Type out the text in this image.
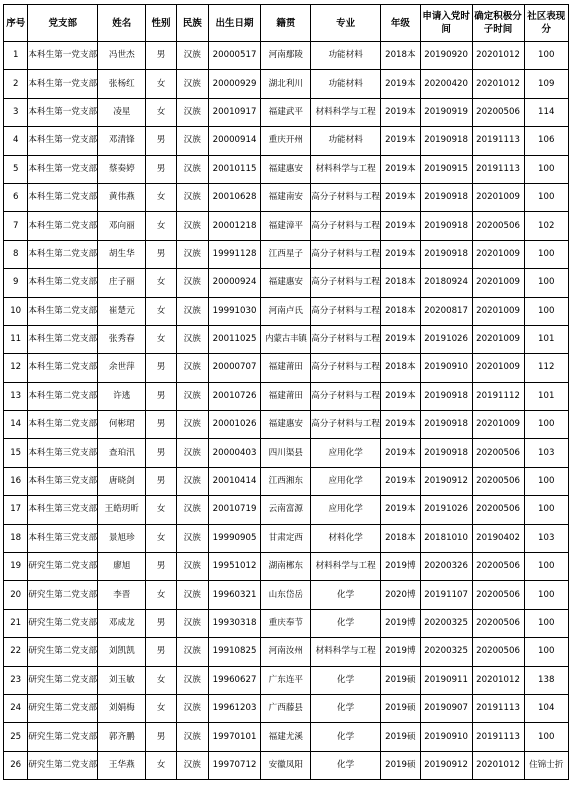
序号	党支部	姓名	性别	民族	出生日期	籍贯	专业	年级	申请入党时间	确定积极分子时间	社区表现分
1	本科生第一党支部	冯世杰	男	汉族	20000517	河南鄢陵	功能材料	2018本	20190920	20201012	100
2	本科生第一党支部	张杨红	女	汉族	20000929	湖北利川	功能材料	2019本	20200420	20201012	109
3	本科生第一党支部	凌星	女	汉族	20010917	福建武平	材料科学与工程	2019本	20190919	20200506	114
4	本科生第一党支部	邓清锋	男	汉族	20000914	重庆开州	功能材料	2019本	20190918	20191113	106
5	本科生第一党支部	蔡奏婷	男	汉族	20010115	福建惠安	材料科学与工程	2019本	20190915	20191113	100
6	本科生第二党支部	黄伟燕	女	汉族	20010628	福建南安	高分子材料与工程	2019本	20190918	20201009	100
7	本科生第二党支部	邓向丽	女	汉族	20001218	福建漳平	高分子材料与工程	2019本	20190918	20200506	102
8	本科生第二党支部	胡生华	男	汉族	19991128	江西星子	高分子材料与工程	2019本	20190918	20201009	100
9	本科生第二党支部	庄子丽	女	汉族	20000924	福建惠安	高分子材料与工程	2018本	20180924	20201009	100
10	本科生第二党支部	崔楚元	女	汉族	19991030	河南卢氏	高分子材料与工程	2018本	20200817	20201009	100
11	本科生第二党支部	张秀春	女	汉族	20011025	内蒙古丰镇	高分子材料与工程	2019本	20191026	20201009	101
12	本科生第二党支部	余世萍	男	汉族	20000707	福建莆田	高分子材料与工程	2018本	20190910	20201009	112
13	本科生第二党支部	许逃	男	汉族	20010726	福建莆田	高分子材料与工程	2019本	20190918	20191112	101
14	本科生第二党支部	何彬珺	男	汉族	20001026	福建惠安	高分子材料与工程	2019本	20190918	20201009	100
15	本科生第三党支部	查珀汛	男	汉族	20000403	四川渠县	应用化学	2019本	20190918	20200506	103
16	本科生第三党支部	唐晓剑	男	汉族	20010414	江西湘东	应用化学	2019本	20190912	20200506	100
17	本科生第三党支部	王皓玥昕	女	汉族	20010719	云南富源	应用化学	2019本	20191026	20200506	100
18	本科生第三党支部	景旭珍	女	汉族	19990905	甘肃定西	材料化学	2018本	20181010	20190402	103
19	研究生第二党支部	廖旭	男	汉族	19951012	湖南郴东	材料科学与工程	2019博	20200326	20200506	100
20	研究生第二党支部	李晋	女	汉族	19960321	山东岱岳	化学	2020博	20191107	20200506	100
21	研究生第二党支部	邓成龙	男	汉族	19930318	重庆奉节	化学	2019博	20200325	20200506	100
22	研究生第二党支部	刘凯凯	男	汉族	19910825	河南汝州	材料科学与工程	2019博	20200325	20200506	100
23	研究生第二党支部	刘玉敏	女	汉族	19960627	广东连平	化学	2019硕	20190911	20201012	138
24	研究生第二党支部	刘娟梅	女	汉族	19961203	广西藤县	化学	2019硕	20190907	20191113	104
25	研究生第二党支部	郭齐鹏	男	汉族	19970101	福建尤溪	化学	2019硕	20190910	20191113	100
26	研究生第二党支部	王华燕	女	汉族	19970712	安徽凤阳	化学	2019硕	20190912	20201012	住锦士折
